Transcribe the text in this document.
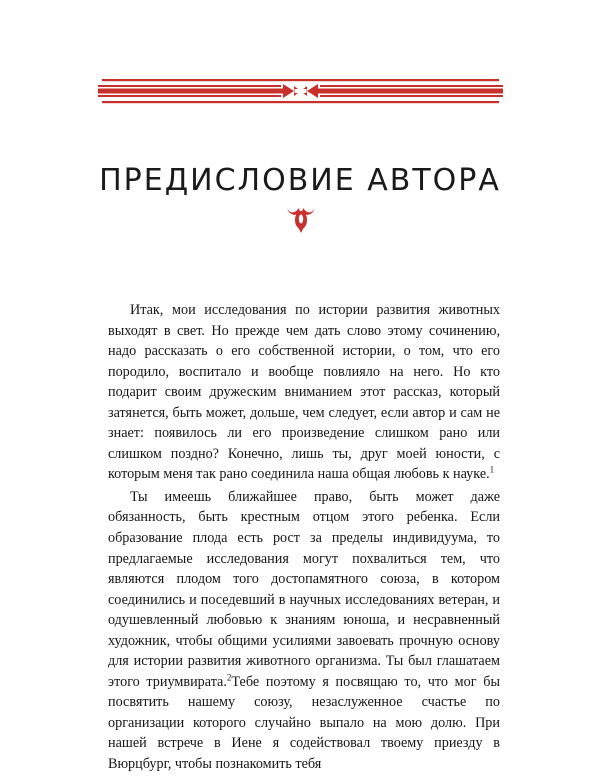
ПРЕДИСЛОВИЕ АВТОРА

Итак, мои исследования по истории развития животных выходят в свет. Но прежде чем дать слово этому сочинению, надо рассказать о его собственной истории, о том, что его породило, воспитало и вообще повлияло на него. Но кто подарит своим дружеским вниманием этот рассказ, который затянется, быть может, дольше, чем следует, если автор и сам не знает: появилось ли его произведение слишком рано или слишком поздно? Конечно, лишь ты, друг моей юности, с которым меня так рано соединила наша общая любовь к науке.$^1$

Ты имеешь ближайшее право, быть может даже обязанность, быть крестным отцом этого ребенка. Если образование плода есть рост за пределы индивидуума, то предлагаемые исследования могут похвалиться тем, что являются плодом того достопамятного союза, в котором соединились и поседевший в научных исследованиях ветеран, и одушевленный любовью к знаниям юноша, и несравненный художник, чтобы общими усилиями завоевать прочную основу для истории развития животного организма. Ты был глашатаем этого триумвирата.$^2$Тебе поэтому я посвящаю то, что мог бы посвятить нашему союзу, незаслуженное счастье по организации которого случайно выпало на мою долю. При нашей встрече в Иене я содействовал твоему приезду в Вюрцбург, чтобы познакомить тебя
